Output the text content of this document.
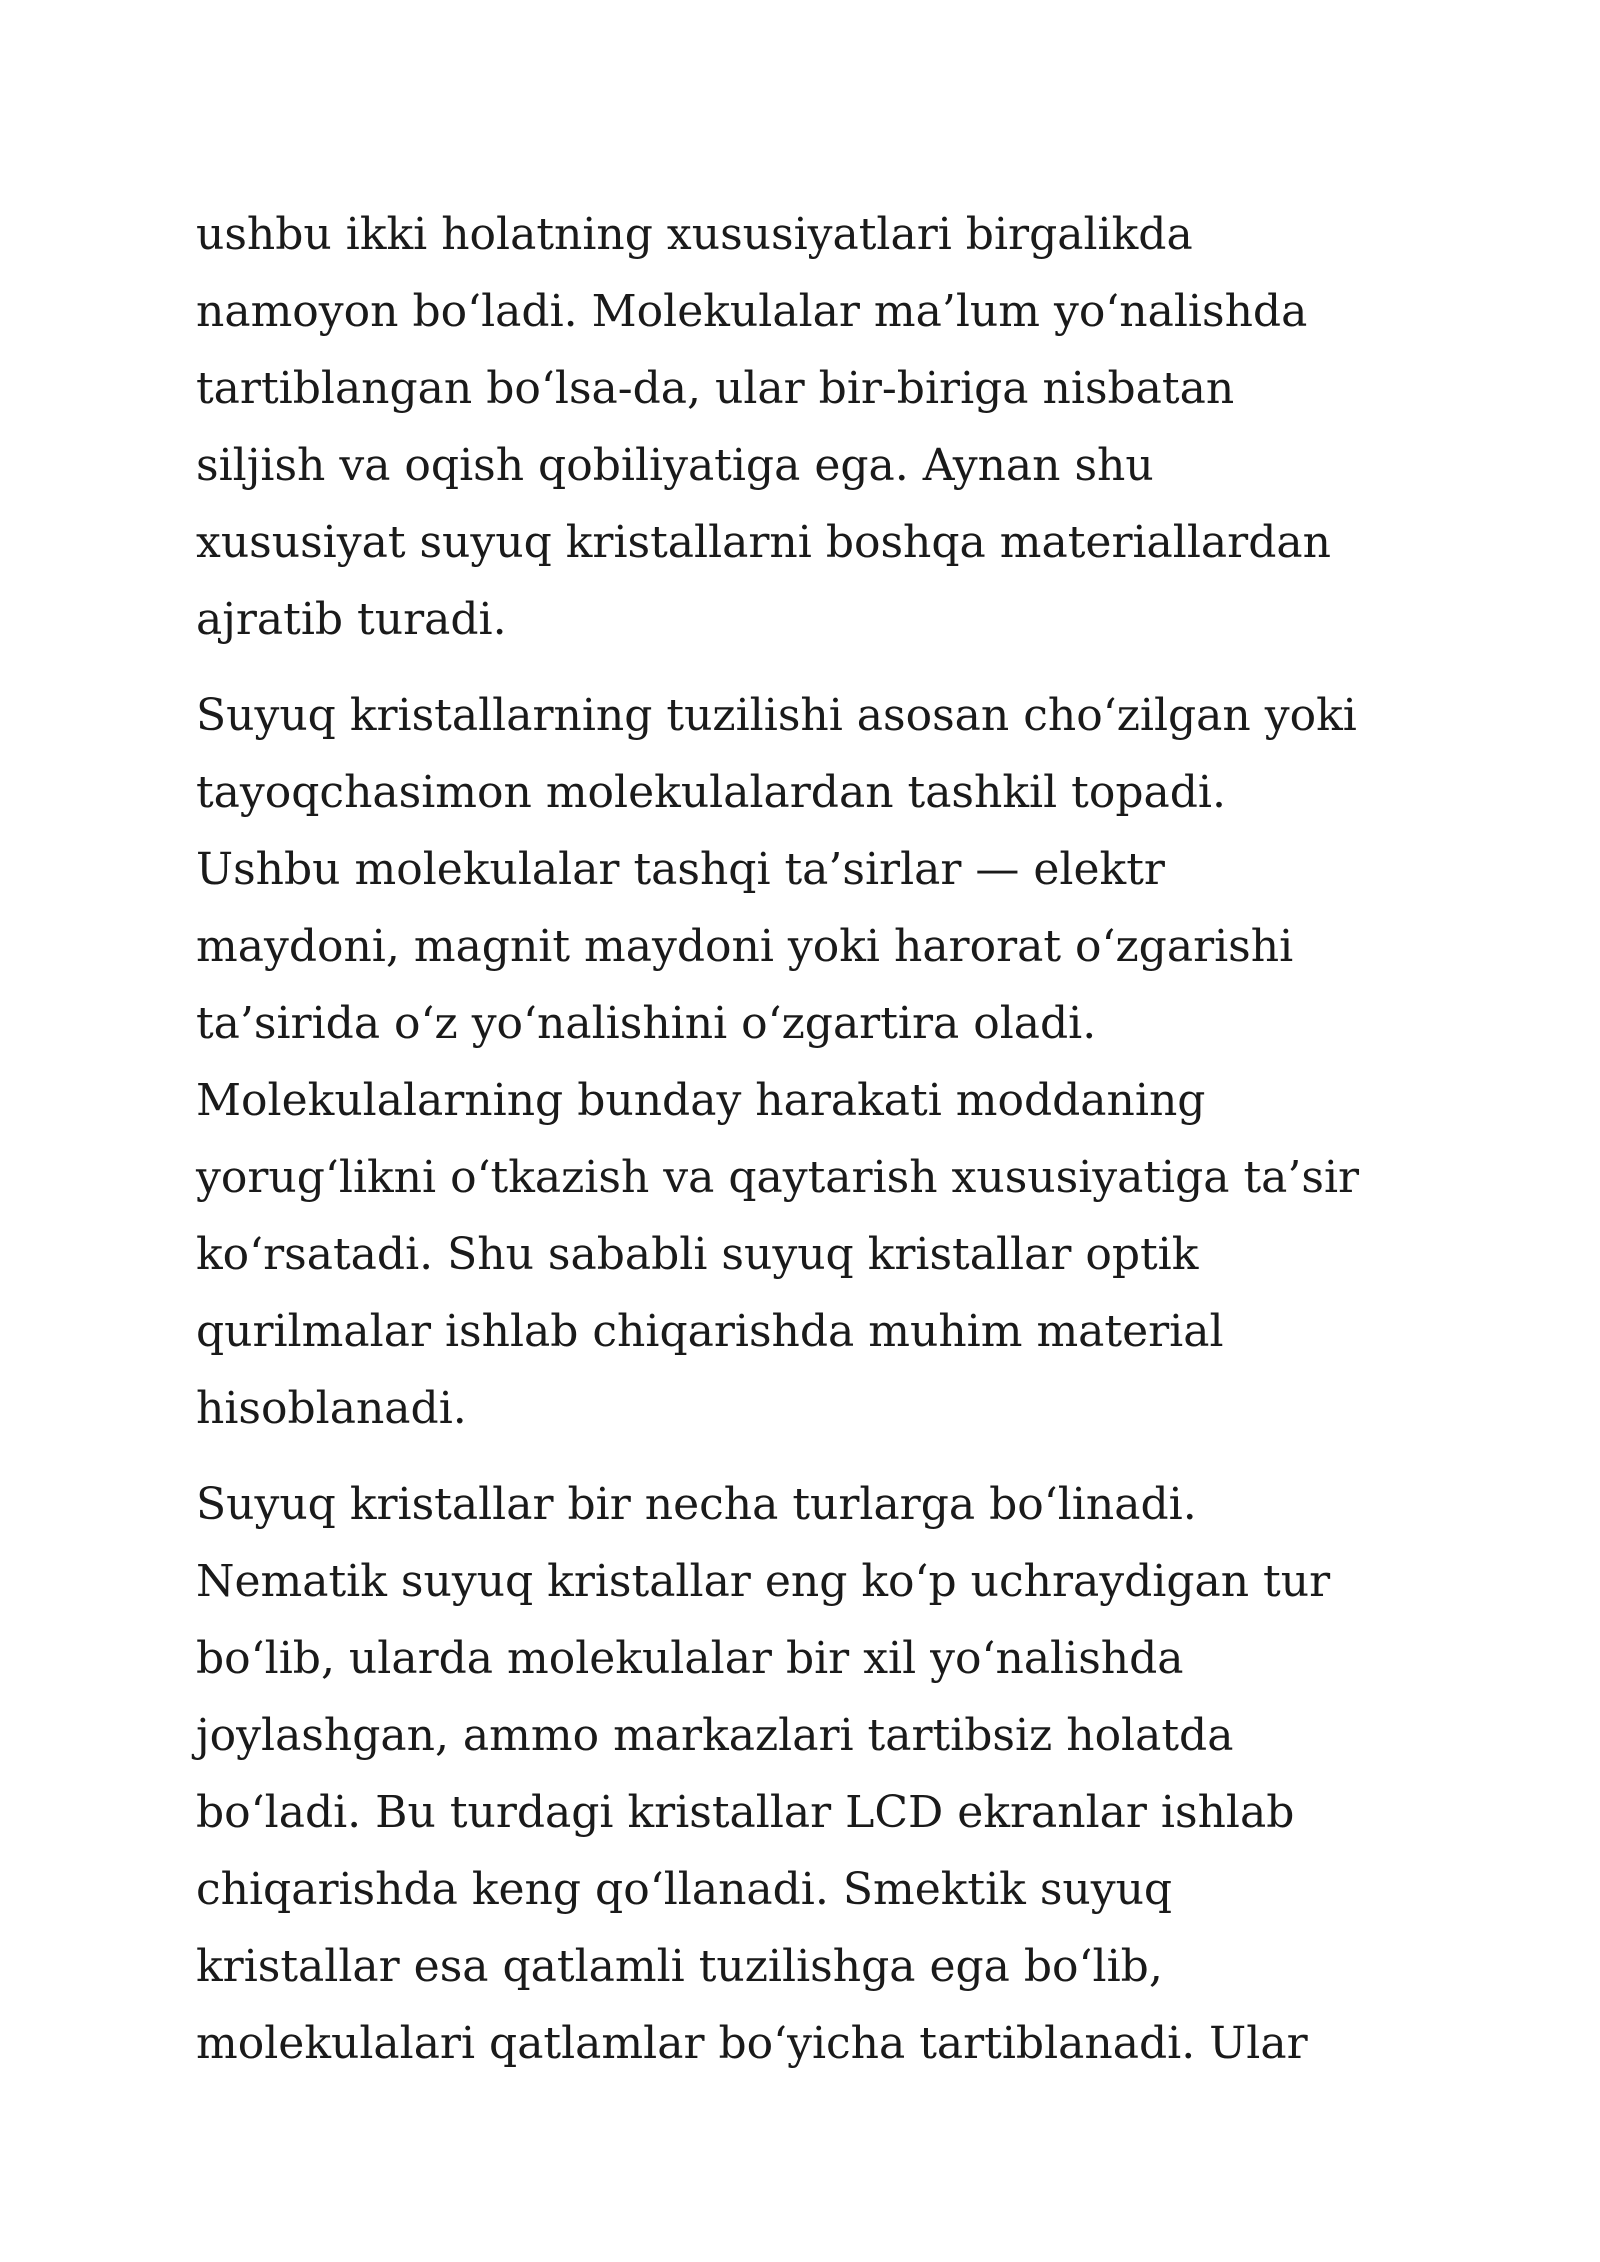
ushbu ikki holatning xususiyatlari birgalikda
namoyon bo‘ladi. Molekulalar ma’lum yo‘nalishda
tartiblangan bo‘lsa-da, ular bir-biriga nisbatan
siljish va oqish qobiliyatiga ega. Aynan shu
xususiyat suyuq kristallarni boshqa materiallardan
ajratib turadi.

Suyuq kristallarning tuzilishi asosan cho‘zilgan yoki
tayoqchasimon molekulalardan tashkil topadi.
Ushbu molekulalar tashqi ta’sirlar — elektr
maydoni, magnit maydoni yoki harorat o‘zgarishi
ta’sirida o‘z yo‘nalishini o‘zgartira oladi.
Molekulalarning bunday harakati moddaning
yorug‘likni o‘tkazish va qaytarish xususiyatiga ta’sir
ko‘rsatadi. Shu sababli suyuq kristallar optik
qurilmalar ishlab chiqarishda muhim material
hisoblanadi.

Suyuq kristallar bir necha turlarga bo‘linadi.
Nematik suyuq kristallar eng ko‘p uchraydigan tur
bo‘lib, ularda molekulalar bir xil yo‘nalishda
joylashgan, ammo markazlari tartibsiz holatda
bo‘ladi. Bu turdagi kristallar LCD ekranlar ishlab
chiqarishda keng qo‘llanadi. Smektik suyuq
kristallar esa qatlamli tuzilishga ega bo‘lib,
molekulalari qatlamlar bo‘yicha tartiblanadi. Ular
